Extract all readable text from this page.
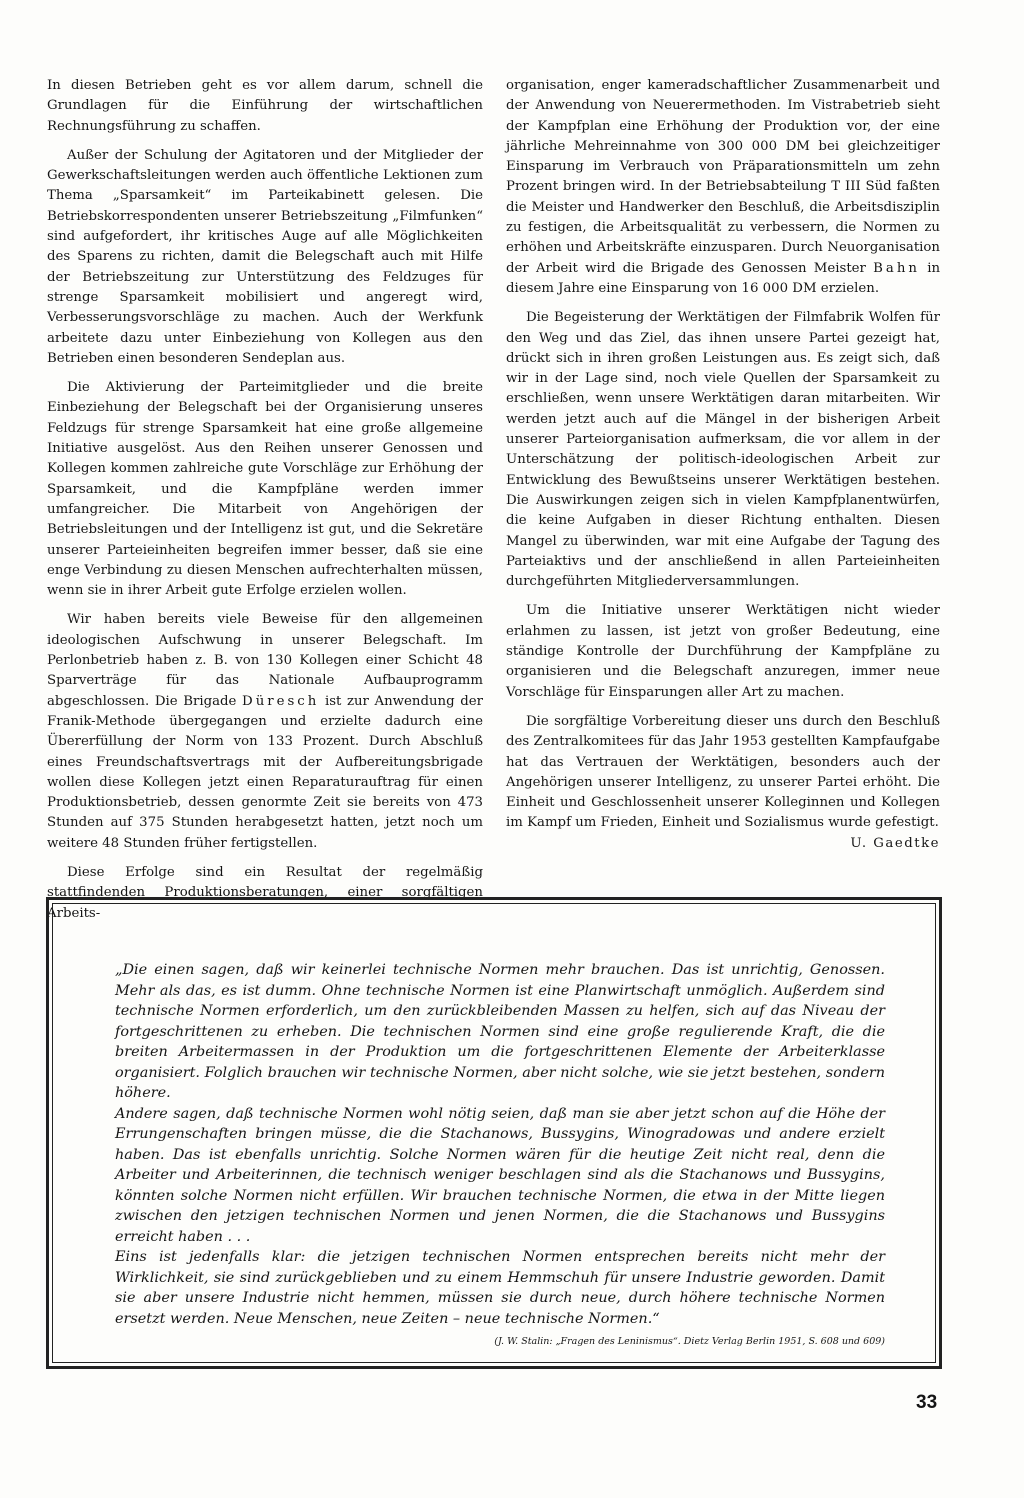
In diesen Betrieben geht es vor allem darum, schnell die Grundlagen für die Einführung der wirtschaftlichen Rechnungsführung zu schaffen.

Außer der Schulung der Agitatoren und der Mitglieder der Gewerkschaftsleitungen werden auch öffentliche Lektionen zum Thema „Sparsamkeit“ im Parteikabinett gelesen. Die Betriebskorrespondenten unserer Betriebszeitung „Filmfunken“ sind aufgefordert, ihr kritisches Auge auf alle Möglichkeiten des Sparens zu richten, damit die Belegschaft auch mit Hilfe der Betriebszeitung zur Unterstützung des Feldzuges für strenge Sparsamkeit mobilisiert und angeregt wird, Verbesserungsvorschläge zu machen. Auch der Werkfunk arbeitete dazu unter Einbeziehung von Kollegen aus den Betrieben einen besonderen Sendeplan aus.

Die Aktivierung der Parteimitglieder und die breite Einbeziehung der Belegschaft bei der Organisierung unseres Feldzugs für strenge Sparsamkeit hat eine große allgemeine Initiative ausgelöst. Aus den Reihen unserer Genossen und Kollegen kommen zahlreiche gute Vorschläge zur Erhöhung der Sparsamkeit, und die Kampfpläne werden immer umfangreicher. Die Mitarbeit von Angehörigen der Betriebsleitungen und der Intelligenz ist gut, und die Sekretäre unserer Parteieinheiten begreifen immer besser, daß sie eine enge Verbindung zu diesen Menschen aufrechterhalten müssen, wenn sie in ihrer Arbeit gute Erfolge erzielen wollen.

Wir haben bereits viele Beweise für den allgemeinen ideologischen Aufschwung in unserer Belegschaft. Im Perlonbetrieb haben z. B. von 130 Kollegen einer Schicht 48 Sparverträge für das Nationale Aufbauprogramm abgeschlossen. Die Brigade Düresch ist zur Anwendung der Franik-Methode übergegangen und erzielte dadurch eine Übererfüllung der Norm von 133 Prozent. Durch Abschluß eines Freundschaftsvertrags mit der Aufbereitungsbrigade wollen diese Kollegen jetzt einen Reparaturauftrag für einen Produktionsbetrieb, dessen genormte Zeit sie bereits von 473 Stunden auf 375 Stunden herabgesetzt hatten, jetzt noch um weitere 48 Stunden früher fertigstellen.

Diese Erfolge sind ein Resultat der regelmäßig stattfindenden Produktionsberatungen, einer sorgfältigen Arbeits-

organisation, enger kameradschaftlicher Zusammenarbeit und der Anwendung von Neuerermethoden. Im Vistrabetrieb sieht der Kampfplan eine Erhöhung der Produktion vor, der eine jährliche Mehreinnahme von 300 000 DM bei gleichzeitiger Einsparung im Verbrauch von Präparationsmitteln um zehn Prozent bringen wird. In der Betriebsabteilung T III Süd faßten die Meister und Handwerker den Beschluß, die Arbeitsdisziplin zu festigen, die Arbeitsqualität zu verbessern, die Normen zu erhöhen und Arbeitskräfte einzusparen. Durch Neuorganisation der Arbeit wird die Brigade des Genossen Meister Bahn in diesem Jahre eine Einsparung von 16 000 DM erzielen.

Die Begeisterung der Werktätigen der Filmfabrik Wolfen für den Weg und das Ziel, das ihnen unsere Partei gezeigt hat, drückt sich in ihren großen Leistungen aus. Es zeigt sich, daß wir in der Lage sind, noch viele Quellen der Sparsamkeit zu erschließen, wenn unsere Werktätigen daran mitarbeiten. Wir werden jetzt auch auf die Mängel in der bisherigen Arbeit unserer Parteiorganisation aufmerksam, die vor allem in der Unterschätzung der politisch-ideologischen Arbeit zur Entwicklung des Bewußtseins unserer Werktätigen bestehen. Die Auswirkungen zeigen sich in vielen Kampfplanentwürfen, die keine Aufgaben in dieser Richtung enthalten. Diesen Mangel zu überwinden, war mit eine Aufgabe der Tagung des Parteiaktivs und der anschließend in allen Parteieinheiten durchgeführten Mitgliederversammlungen.

Um die Initiative unserer Werktätigen nicht wieder erlahmen zu lassen, ist jetzt von großer Bedeutung, eine ständige Kontrolle der Durchführung der Kampfpläne zu organisieren und die Belegschaft anzuregen, immer neue Vorschläge für Einsparungen aller Art zu machen.

Die sorgfältige Vorbereitung dieser uns durch den Beschluß des Zentralkomitees für das Jahr 1953 gestellten Kampfaufgabe hat das Vertrauen der Werktätigen, besonders auch der Angehörigen unserer Intelligenz, zu unserer Partei erhöht. Die Einheit und Geschlossenheit unserer Kolleginnen und Kollegen im Kampf um Frieden, Einheit und Sozialismus wurde gefestigt.
U. Gaedtke

„Die einen sagen, daß wir keinerlei technische Normen mehr brauchen. Das ist unrichtig, Genossen. Mehr als das, es ist dumm. Ohne technische Normen ist eine Planwirtschaft unmöglich. Außerdem sind technische Normen erforderlich, um den zurückbleibenden Massen zu helfen, sich auf das Niveau der fortgeschrittenen zu erheben. Die technischen Normen sind eine große regulierende Kraft, die die breiten Arbeitermassen in der Produktion um die fortgeschrittenen Elemente der Arbeiterklasse organisiert. Folglich brauchen wir technische Normen, aber nicht solche, wie sie jetzt bestehen, sondern höhere.

Andere sagen, daß technische Normen wohl nötig seien, daß man sie aber jetzt schon auf die Höhe der Errungenschaften bringen müsse, die die Stachanows, Bussygins, Winogradowas und andere erzielt haben. Das ist ebenfalls unrichtig. Solche Normen wären für die heutige Zeit nicht real, denn die Arbeiter und Arbeiterinnen, die technisch weniger beschlagen sind als die Stachanows und Bussygins, könnten solche Normen nicht erfüllen. Wir brauchen technische Normen, die etwa in der Mitte liegen zwischen den jetzigen technischen Normen und jenen Normen, die die Stachanows und Bussygins erreicht haben . . .

Eins ist jedenfalls klar: die jetzigen technischen Normen entsprechen bereits nicht mehr der Wirklichkeit, sie sind zurückgeblieben und zu einem Hemmschuh für unsere Industrie geworden. Damit sie aber unsere Industrie nicht hemmen, müssen sie durch neue, durch höhere technische Normen ersetzt werden. Neue Menschen, neue Zeiten – neue technische Normen.“
(J. W. Stalin: „Fragen des Leninismus“. Dietz Verlag Berlin 1951, S. 608 und 609)

33
